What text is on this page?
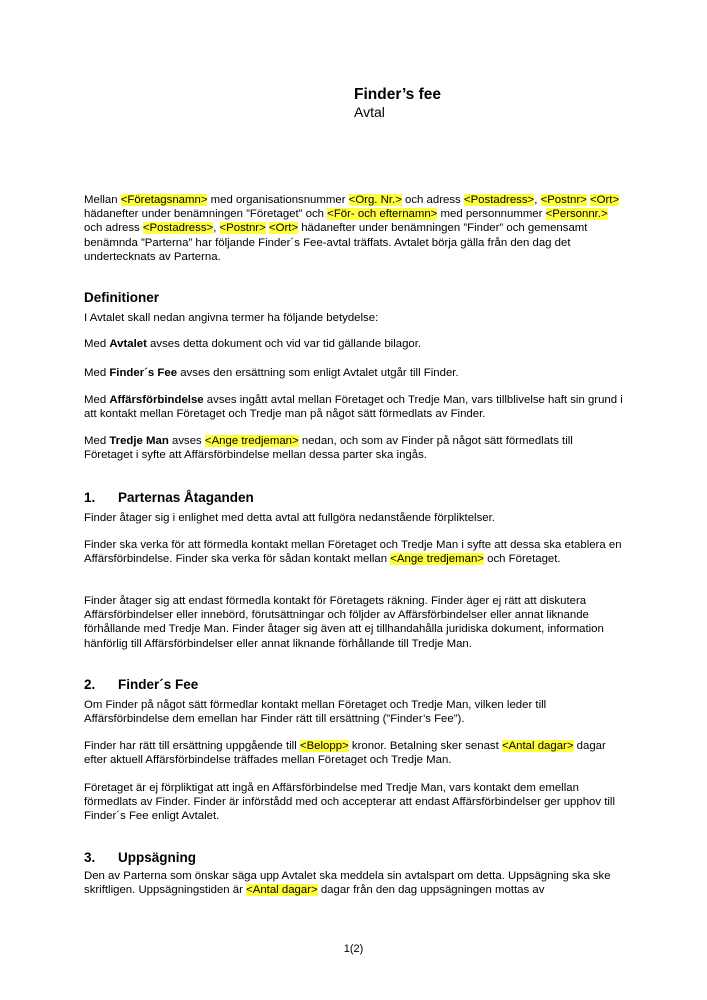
Finder’s fee
Avtal

Mellan <Företagsnamn> med organisationsnummer <Org. Nr.> och adress <Postadress>, <Postnr> <Ort> hädanefter under benämningen ”Företaget” och <För- och efternamn> med personnummer <Personnr.> och adress <Postadress>, <Postnr> <Ort> hädanefter under benämningen ”Finder” och gemensamt benämnda ”Parterna” har följande Finder´s Fee-avtal träffats. Avtalet börja gälla från den dag det undertecknats av Parterna.

Definitioner

I Avtalet skall nedan angivna termer ha följande betydelse:

Med Avtalet avses detta dokument och vid var tid gällande bilagor.

Med Finder´s Fee avses den ersättning som enligt Avtalet utgår till Finder.

Med Affärsförbindelse avses ingått avtal mellan Företaget och Tredje Man, vars tillblivelse haft sin grund i att kontakt mellan Företaget och Tredje man på något sätt förmedlats av Finder.

Med Tredje Man avses <Ange tredjeman> nedan, och som av Finder på något sätt förmedlats till Företaget i syfte att Affärsförbindelse mellan dessa parter ska ingås.

1. Parternas Åtaganden

Finder åtager sig i enlighet med detta avtal att fullgöra nedanstående förpliktelser.

Finder ska verka för att förmedla kontakt mellan Företaget och Tredje Man i syfte att dessa ska etablera en Affärsförbindelse. Finder ska verka för sådan kontakt mellan <Ange tredjeman> och Företaget.

Finder åtager sig att endast förmedla kontakt för Företagets räkning. Finder äger ej rätt att diskutera Affärsförbindelser eller innebörd, förutsättningar och följder av Affärsförbindelser eller annat liknande förhållande med Tredje Man. Finder åtager sig även att ej tillhandahålla juridiska dokument, information hänförlig till Affärsförbindelser eller annat liknande förhållande till Tredje Man.

2. Finder´s Fee

Om Finder på något sätt förmedlar kontakt mellan Företaget och Tredje Man, vilken leder till Affärsförbindelse dem emellan har Finder rätt till ersättning (”Finder’s Fee”).

Finder har rätt till ersättning uppgående till <Belopp> kronor. Betalning sker senast <Antal dagar> dagar efter aktuell Affärsförbindelse träffades mellan Företaget och Tredje Man.

Företaget är ej förpliktigat att ingå en Affärsförbindelse med Tredje Man, vars kontakt dem emellan förmedlats av Finder. Finder är införstådd med och accepterar att endast Affärsförbindelser ger upphov till Finder´s Fee enligt Avtalet.

3. Uppsägning

Den av Parterna som önskar säga upp Avtalet ska meddela sin avtalspart om detta. Uppsägning ska ske skriftligen. Uppsägningstiden är <Antal dagar> dagar från den dag uppsägningen mottas av

1(2)
